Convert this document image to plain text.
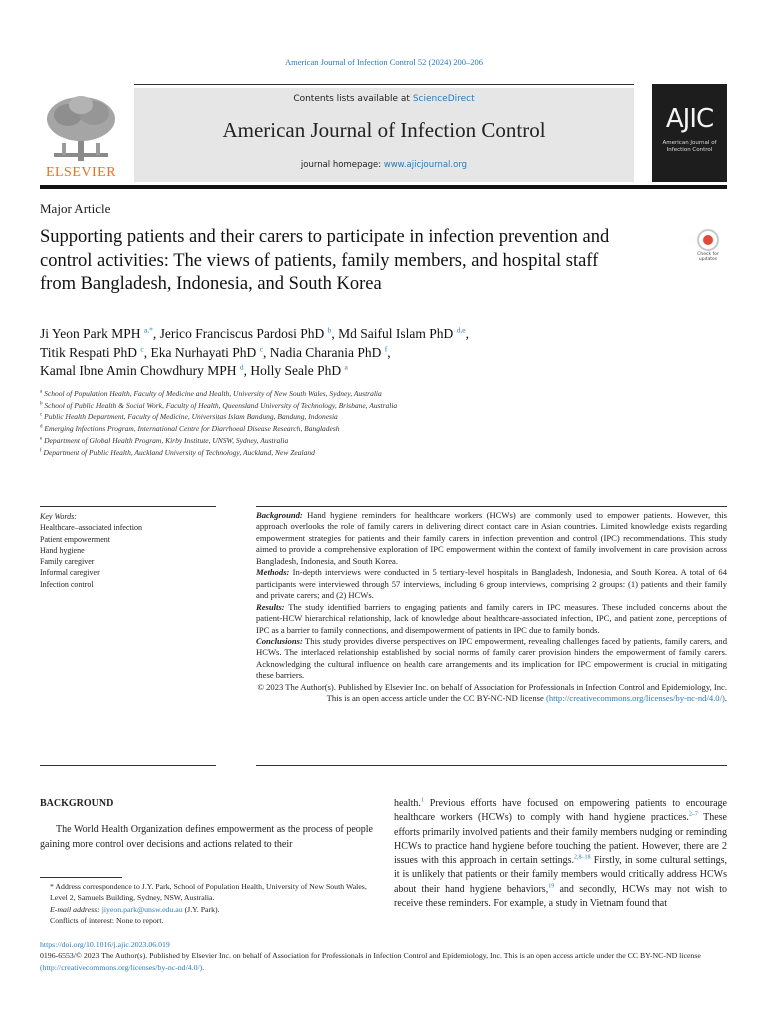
American Journal of Infection Control 52 (2024) 200–206
ELSEVIER
Contents lists available at ScienceDirect
American Journal of Infection Control
journal homepage: www.ajicjournal.org
AJIC
American Journal of Infection Control
Major Article
Supporting patients and their carers to participate in infection prevention and control activities: The views of patients, family members, and hospital staff from Bangladesh, Indonesia, and South Korea
Check for updates
Ji Yeon Park MPH $^{a,*}$, Jerico Franciscus Pardosi PhD $^b$, Md Saiful Islam PhD $^{d,e}$,
Titik Respati PhD $^c$, Eka Nurhayati PhD $^c$, Nadia Charania PhD $^f$,
Kamal Ibne Amin Chowdhury MPH $^d$, Holly Seale PhD $^a$
$^a$ School of Population Health, Faculty of Medicine and Health, University of New South Wales, Sydney, Australia
$^b$ School of Public Health & Social Work, Faculty of Health, Queensland University of Technology, Brisbane, Australia
$^c$ Public Health Department, Faculty of Medicine, Universitas Islam Bandung, Bandung, Indonesia
$^d$ Emerging Infections Program, International Centre for Diarrhoeal Disease Research, Bangladesh
$^e$ Department of Global Health Program, Kirby Institute, UNSW, Sydney, Australia
$^f$ Department of Public Health, Auckland University of Technology, Auckland, New Zealand
Key Words:
Healthcare–associated infection
Patient empowerment
Hand hygiene
Family caregiver
Informal caregiver
Infection control
Background: Hand hygiene reminders for healthcare workers (HCWs) are commonly used to empower patients. However, this approach overlooks the role of family carers in delivering direct contact care in Asian countries. Limited knowledge exists regarding empowerment strategies for patients and their family carers in infection prevention and control (IPC) recommendations. This study aimed to provide a comprehensive exploration of IPC empowerment within the context of family involvement in care provision across Bangladesh, Indonesia, and South Korea.
Methods: In-depth interviews were conducted in 5 tertiary-level hospitals in Bangladesh, Indonesia, and South Korea. A total of 64 participants were interviewed through 57 interviews, including 6 group interviews, comprising 2 groups: (1) patients and their family and private carers; and (2) HCWs.
Results: The study identified barriers to engaging patients and family carers in IPC measures. These included concerns about the patient-HCW hierarchical relationship, lack of knowledge about healthcare-associated infection, IPC, and patient zone, perceptions of IPC as a barrier to family connections, and disempowerment of patients in IPC due to family bonds.
Conclusions: This study provides diverse perspectives on IPC empowerment, revealing challenges faced by patients, family carers, and HCWs. The interlaced relationship established by social norms of family carer provision hinders the empowerment of family carers. Acknowledging the cultural influence on health care arrangements and its implication for IPC empowerment is crucial in mitigating these barriers.
© 2023 The Author(s). Published by Elsevier Inc. on behalf of Association for Professionals in Infection Control and Epidemiology, Inc. This is an open access article under the CC BY-NC-ND license (http://creativecommons.org/licenses/by-nc-nd/4.0/).
BACKGROUND

The World Health Organization defines empowerment as the process of people gaining more control over decisions and actions related to their

health.$^1$ Previous efforts have focused on empowering patients to encourage healthcare workers (HCWs) to comply with hand hygiene practices.$^{2-7}$ These efforts primarily involved patients and their family members nudging or reminding HCWs to practice hand hygiene before touching the patient. However, there are 2 issues with this approach in certain settings.$^{2,8-18}$ Firstly, in some cultural settings, it is unlikely that patients or their family members would critically address HCWs about their hand hygiene behaviors,$^{19}$ and secondly, HCWs may not wish to receive these reminders. For example, a study in Vietnam found that

* Address correspondence to J.Y. Park, School of Population Health, University of New South Wales, Level 2, Samuels Building, Sydney, NSW, Australia.
E-mail address: jiyeon.park@unsw.edu.au (J.Y. Park).
Conflicts of interest: None to report.
https://doi.org/10.1016/j.ajic.2023.06.019
0196-6553/© 2023 The Author(s). Published by Elsevier Inc. on behalf of Association for Professionals in Infection Control and Epidemiology, Inc. This is an open access article under the CC BY-NC-ND license (http://creativecommons.org/licenses/by-nc-nd/4.0/).
